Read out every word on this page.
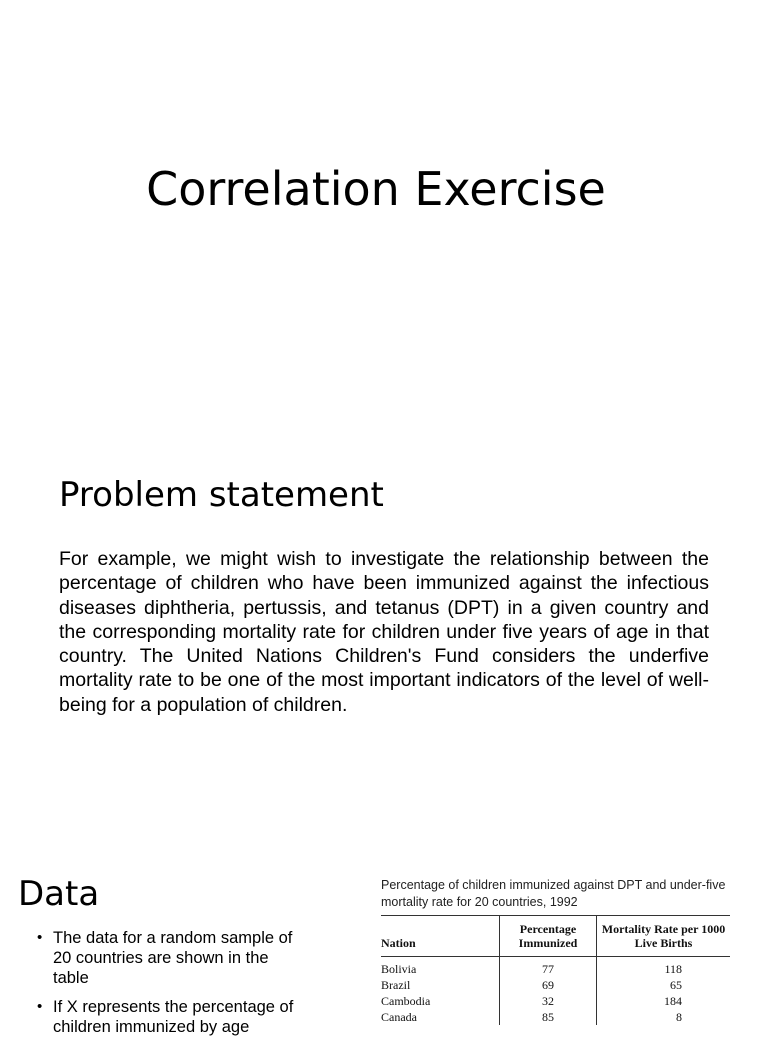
Correlation Exercise
Problem statement

For example, we might wish to investigate the relationship between the percentage of children who have been immunized against the infectious diseases diphtheria, pertussis, and tetanus (DPT) in a given country and the corresponding mortality rate for children under five years of age in that country. The United Nations Children's Fund considers the underfive mortality rate to be one of the most important indicators of the level of well-being for a population of children.

Data
• The data for a random sample of 20 countries are shown in the table
• If X represents the percentage of children immunized by age

Percentage of children immunized against DPT and under-five mortality rate for 20 countries, 1992

Nation	Percentage Immunized	Mortality Rate per 1000 Live Births
Bolivia	77	118
Brazil	69	65
Cambodia	32	184
Canada	85	8
